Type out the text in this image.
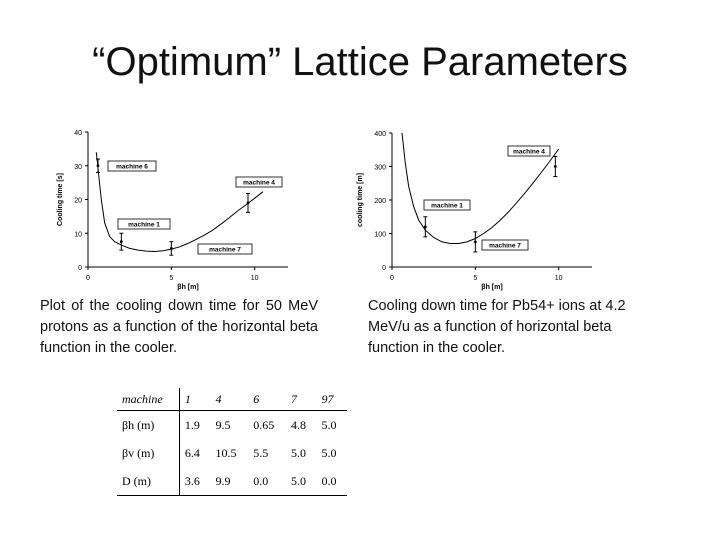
“Optimum” Lattice Parameters
0
10
20
30
40
0	5	10
βh [m]
Cooling time [s]	machine 1
machine 7
machine 4
machine 6
0
100
200
300
400
0	5	10
βh [m]
cooling time [m]	machine 1
machine 7
machine 4
Plot of the cooling down time for 50 MeV protons as a function of the horizontal beta function in the cooler.
Cooling down time for Pb54+ ions at 4.2 MeV/u as a function of horizontal beta function in the cooler.
machine	1	4	6	7	97
βh (m)	1.9	9.5	0.65	4.8	5.0
βv (m)	6.4	10.5	5.5	5.0	5.0
D (m)	3.6	9.9	0.0	5.0	0.0
